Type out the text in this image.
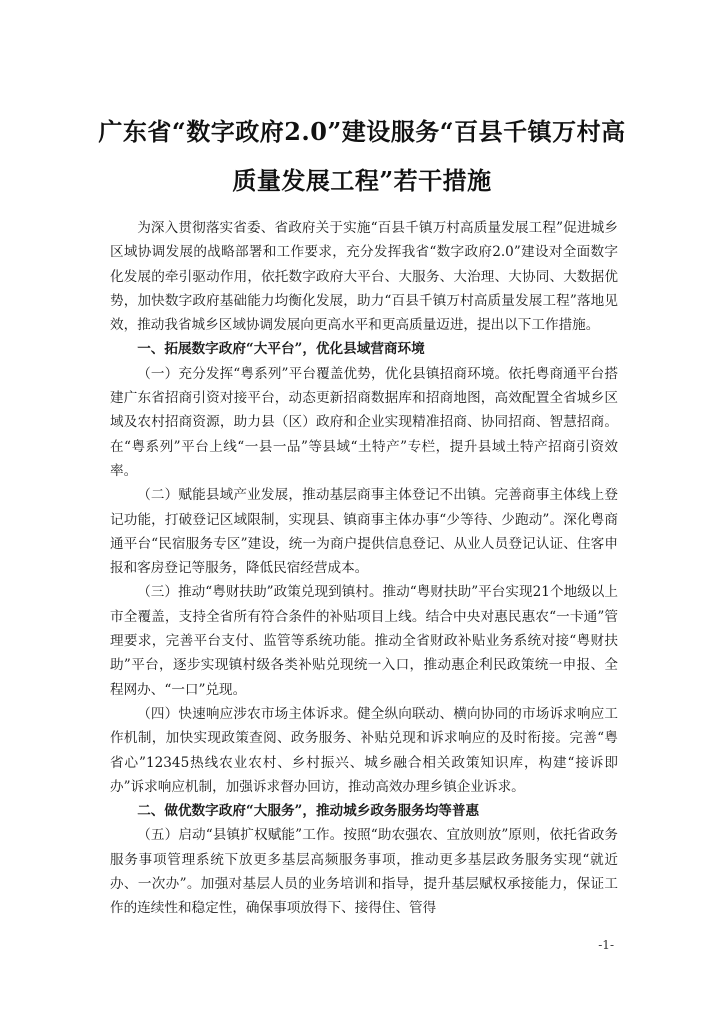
广东省“数字政府2.0”建设服务“百县千镇万村高
质量发展工程”若干措施

为深入贯彻落实省委、省政府关于实施“百县千镇万村高质量发展工程”促进城乡区域协调发展的战略部署和工作要求，充分发挥我省“数字政府2.0”建设对全面数字化发展的牵引驱动作用，依托数字政府大平台、大服务、大治理、大协同、大数据优势，加快数字政府基础能力均衡化发展，助力“百县千镇万村高质量发展工程”落地见效，推动我省城乡区域协调发展向更高水平和更高质量迈进，提出以下工作措施。

一、拓展数字政府“大平台”，优化县域营商环境

（一）充分发挥“粤系列”平台覆盖优势，优化县镇招商环境。依托粤商通平台搭建广东省招商引资对接平台，动态更新招商数据库和招商地图，高效配置全省城乡区域及农村招商资源，助力县（区）政府和企业实现精准招商、协同招商、智慧招商。在“粤系列”平台上线“一县一品”等县域“土特产”专栏，提升县域土特产招商引资效率。

（二）赋能县域产业发展，推动基层商事主体登记不出镇。完善商事主体线上登记功能，打破登记区域限制，实现县、镇商事主体办事“少等待、少跑动”。深化粤商通平台“民宿服务专区”建设，统一为商户提供信息登记、从业人员登记认证、住客申报和客房登记等服务，降低民宿经营成本。

（三）推动“粤财扶助”政策兑现到镇村。推动“粤财扶助”平台实现21个地级以上市全覆盖，支持全省所有符合条件的补贴项目上线。结合中央对惠民惠农“一卡通”管理要求，完善平台支付、监管等系统功能。推动全省财政补贴业务系统对接“粤财扶助”平台，逐步实现镇村级各类补贴兑现统一入口，推动惠企利民政策统一申报、全程网办、“一口”兑现。

（四）快速响应涉农市场主体诉求。健全纵向联动、横向协同的市场诉求响应工作机制，加快实现政策查阅、政务服务、补贴兑现和诉求响应的及时衔接。完善“粤省心”12345热线农业农村、乡村振兴、城乡融合相关政策知识库，构建“接诉即办”诉求响应机制，加强诉求督办回访，推动高效办理乡镇企业诉求。

二、做优数字政府“大服务”，推动城乡政务服务均等普惠

（五）启动“县镇扩权赋能”工作。按照“助农强农、宜放则放”原则，依托省政务服务事项管理系统下放更多基层高频服务事项，推动更多基层政务服务实现“就近办、一次办”。加强对基层人员的业务培训和指导，提升基层赋权承接能力，保证工作的连续性和稳定性，确保事项放得下、接得住、管得

-1-
